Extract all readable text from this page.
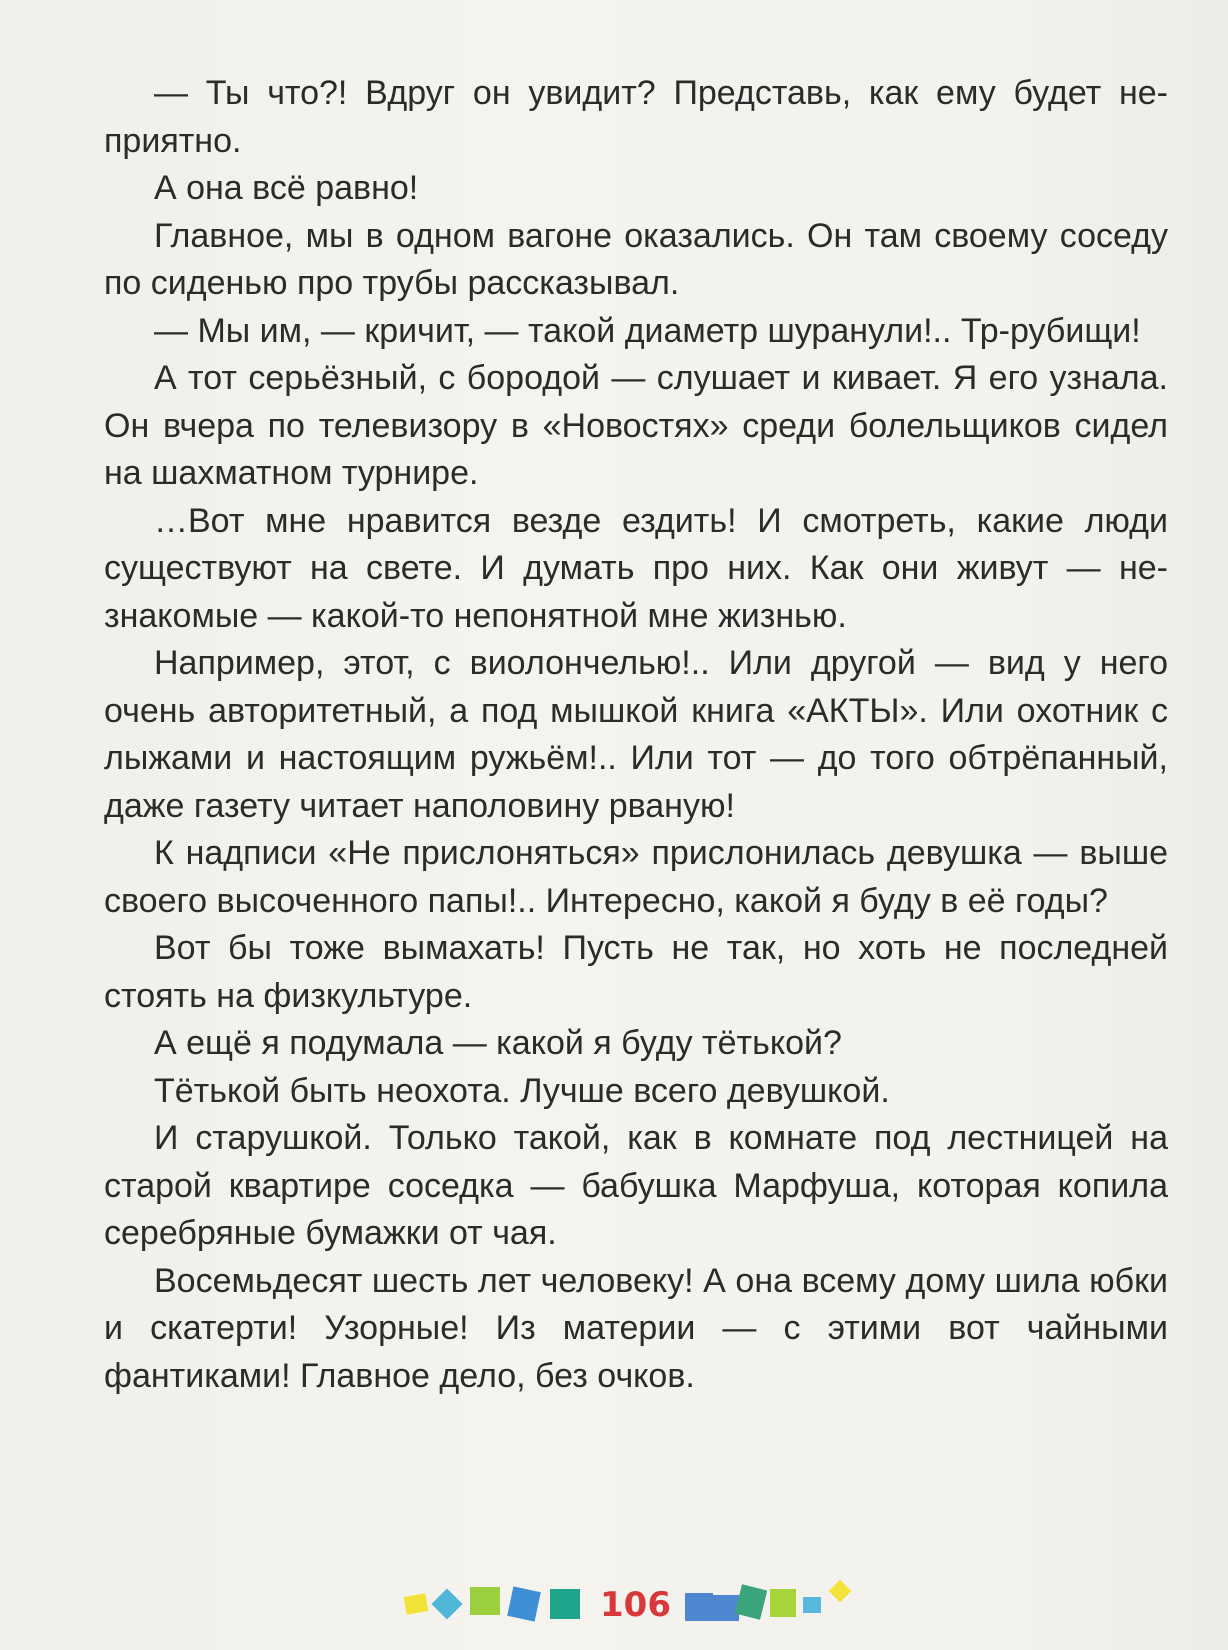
— Ты что?! Вдруг он увидит? Представь, как ему будет неприятно.

А она всё равно!

Главное, мы в одном вагоне оказались. Он там своему соседу по сиденью про трубы рассказывал.

— Мы им, — кричит, — такой диаметр шуранули!.. Тр-рубищи!

А тот серьёзный, с бородой — слушает и кивает. Я его узнала. Он вчера по телевизору в «Новостях» среди болельщиков сидел на шахматном турнире.

…Вот мне нравится везде ездить! И смотреть, какие люди существуют на свете. И думать про них. Как они живут — незнакомые — какой-то непонятной мне жизнью.

Например, этот, с виолончелью!.. Или другой — вид у него очень авторитетный, а под мышкой книга «АКТЫ». Или охотник с лыжами и настоящим ружьём!.. Или тот — до того обтрёпанный, даже газету читает наполовину рваную!

К надписи «Не прислоняться» прислонилась девушка — выше своего высоченного папы!.. Интересно, какой я буду в её годы?

Вот бы тоже вымахать! Пусть не так, но хоть не последней стоять на физкультуре.

А ещё я подумала — какой я буду тётькой?

Тётькой быть неохота. Лучше всего девушкой.

И старушкой. Только такой, как в комнате под лестницей на старой квартире соседка — бабушка Марфуша, которая копила серебряные бумажки от чая.

Восемьдесят шесть лет человеку! А она всему дому шила юбки и скатерти! Узорные! Из материи — с этими вот чайными фантиками! Главное дело, без очков.

106
